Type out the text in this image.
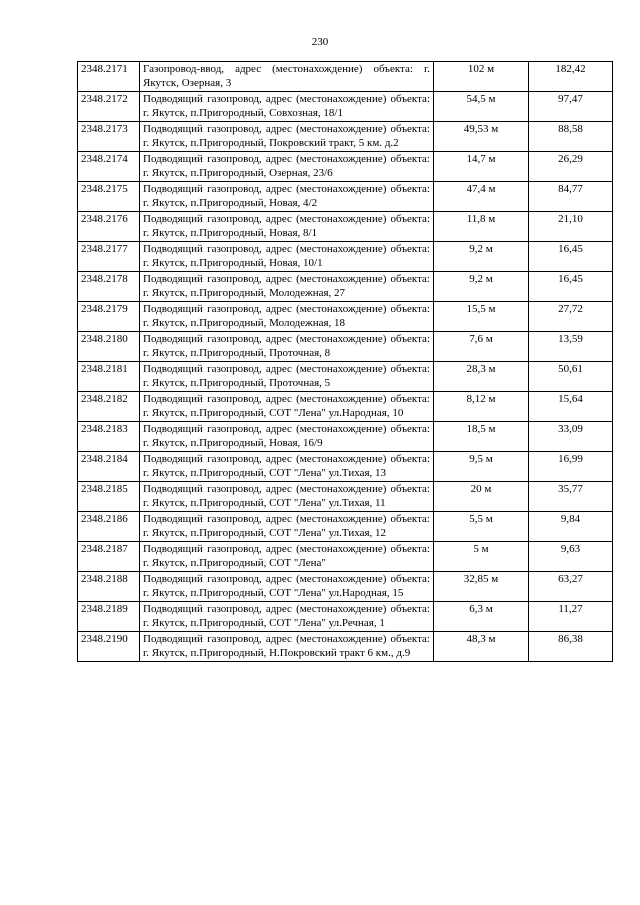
230
2348.2171	Газопровод-ввод, адрес (местонахождение) объекта: г. Якутск, Озерная, 3	102 м	182,42
2348.2172	Подводящий газопровод, адрес (местонахождение) объекта: г. Якутск, п.Пригородный, Совхозная, 18/1	54,5 м	97,47
2348.2173	Подводящий газопровод, адрес (местонахождение) объекта: г. Якутск, п.Пригородный, Покровский тракт, 5 км. д.2	49,53 м	88,58
2348.2174	Подводящий газопровод, адрес (местонахождение) объекта: г. Якутск, п.Пригородный, Озерная, 23/6	14,7 м	26,29
2348.2175	Подводящий газопровод, адрес (местонахождение) объекта: г. Якутск, п.Пригородный, Новая, 4/2	47,4 м	84,77
2348.2176	Подводящий газопровод, адрес (местонахождение) объекта: г. Якутск, п.Пригородный, Новая, 8/1	11,8 м	21,10
2348.2177	Подводящий газопровод, адрес (местонахождение) объекта: г. Якутск, п.Пригородный, Новая, 10/1	9,2 м	16,45
2348.2178	Подводящий газопровод, адрес (местонахождение) объекта: г. Якутск, п.Пригородный, Молодежная, 27	9,2 м	16,45
2348.2179	Подводящий газопровод, адрес (местонахождение) объекта: г. Якутск, п.Пригородный, Молодежная, 18	15,5 м	27,72
2348.2180	Подводящий газопровод, адрес (местонахождение) объекта: г. Якутск, п.Пригородный, Проточная, 8	7,6 м	13,59
2348.2181	Подводящий газопровод, адрес (местонахождение) объекта: г. Якутск, п.Пригородный, Проточная, 5	28,3 м	50,61
2348.2182	Подводящий газопровод, адрес (местонахождение) объекта: г. Якутск, п.Пригородный, СОТ "Лена" ул.Народная, 10	8,12 м	15,64
2348.2183	Подводящий газопровод, адрес (местонахождение) объекта: г. Якутск, п.Пригородный, Новая, 16/9	18,5 м	33,09
2348.2184	Подводящий газопровод, адрес (местонахождение) объекта: г. Якутск, п.Пригородный, СОТ "Лена" ул.Тихая, 13	9,5 м	16,99
2348.2185	Подводящий газопровод, адрес (местонахождение) объекта: г. Якутск, п.Пригородный, СОТ "Лена" ул.Тихая, 11	20 м	35,77
2348.2186	Подводящий газопровод, адрес (местонахождение) объекта: г. Якутск, п.Пригородный, СОТ "Лена" ул.Тихая, 12	5,5 м	9,84
2348.2187	Подводящий газопровод, адрес (местонахождение) объекта: г. Якутск, п.Пригородный, СОТ "Лена"	5 м	9,63
2348.2188	Подводящий газопровод, адрес (местонахождение) объекта: г. Якутск, п.Пригородный, СОТ "Лена" ул.Народная, 15	32,85 м	63,27
2348.2189	Подводящий газопровод, адрес (местонахождение) объекта: г. Якутск, п.Пригородный, СОТ "Лена" ул.Речная, 1	6,3 м	11,27
2348.2190	Подводящий газопровод, адрес (местонахождение) объекта: г. Якутск, п.Пригородный, Н.Покровский тракт 6 км., д.9	48,3 м	86,38
